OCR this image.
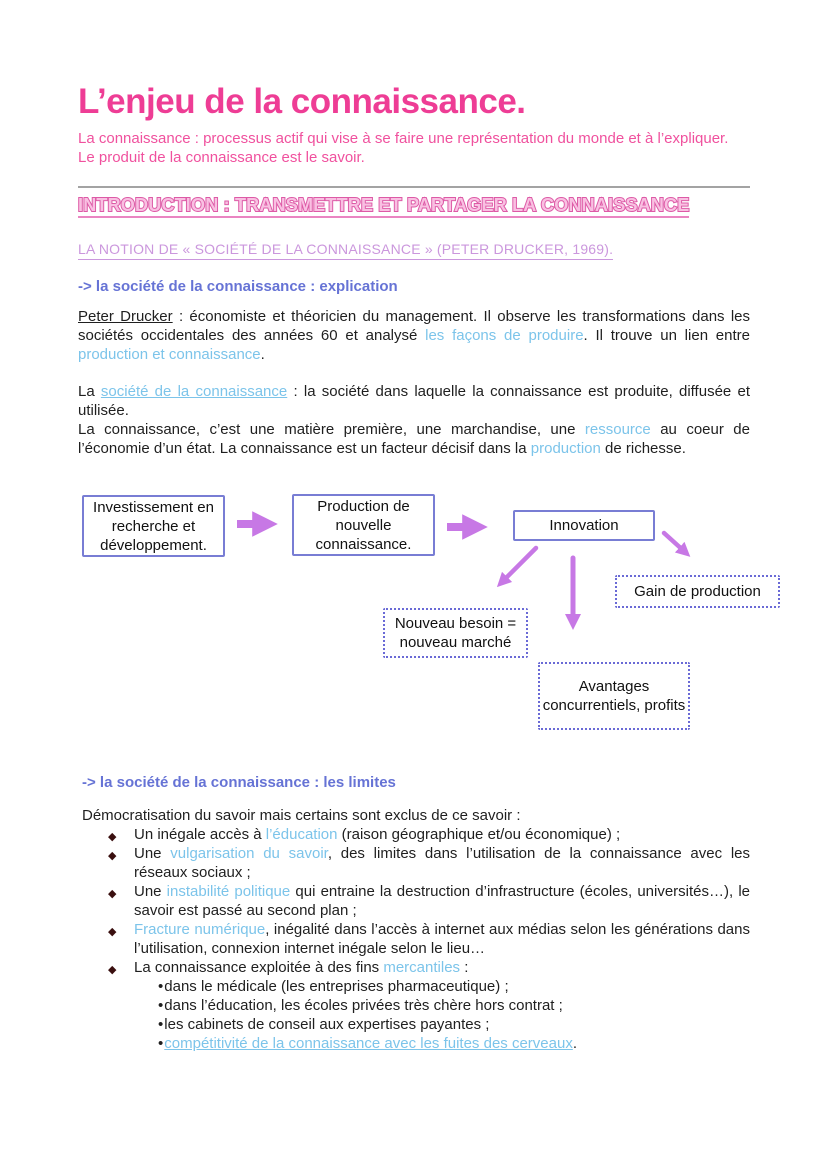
L’enjeu de la connaissance.
La connaissance : processus actif qui vise à se faire une représentation du monde et à l’expliquer.
Le produit de la connaissance est le savoir.
INTRODUCTION : TRANSMETTRE ET PARTAGER LA CONNAISSANCE
LA NOTION DE « SOCIÉTÉ DE LA CONNAISSANCE » (PETER DRUCKER, 1969).
-> la société de la connaissance : explication

Peter Drucker : économiste et théoricien du management. Il observe les transformations dans les sociétés occidentales des années 60 et analysé les façons de produire. Il trouve un lien entre production et connaissance.

La société de la connaissance : la société dans laquelle la connaissance est produite, diffusée et utilisée.
La connaissance, c’est une matière première, une marchandise, une ressource au coeur de l’économie d’un état. La connaissance est un facteur décisif dans la production de richesse.

Investissement en recherche et développement.
Production de nouvelle connaissance.
Innovation
Gain de production
Nouveau besoin = nouveau marché
Avantages concurrentiels, profits
-> la société de la connaissance : les limites
Démocratisation du savoir mais certains sont exclus de ce savoir :
◆ Un inégale accès à l’éducation (raison géographique et/ou économique) ;
◆ Une vulgarisation du savoir, des limites dans l’utilisation de la connaissance avec les réseaux sociaux ;
◆ Une instabilité politique qui entraine la destruction d’infrastructure (écoles, universités…), le savoir est passé au second plan ;
◆ Fracture numérique, inégalité dans l’accès à internet aux médias selon les générations dans l’utilisation, connexion internet inégale selon le lieu…
◆ La connaissance exploitée à des fins mercantiles :
• dans le médicale (les entreprises pharmaceutique) ;
• dans l’éducation, les écoles privées très chère hors contrat ;
• les cabinets de conseil aux expertises payantes ;
• compétitivité de la connaissance avec les fuites des cerveaux.
